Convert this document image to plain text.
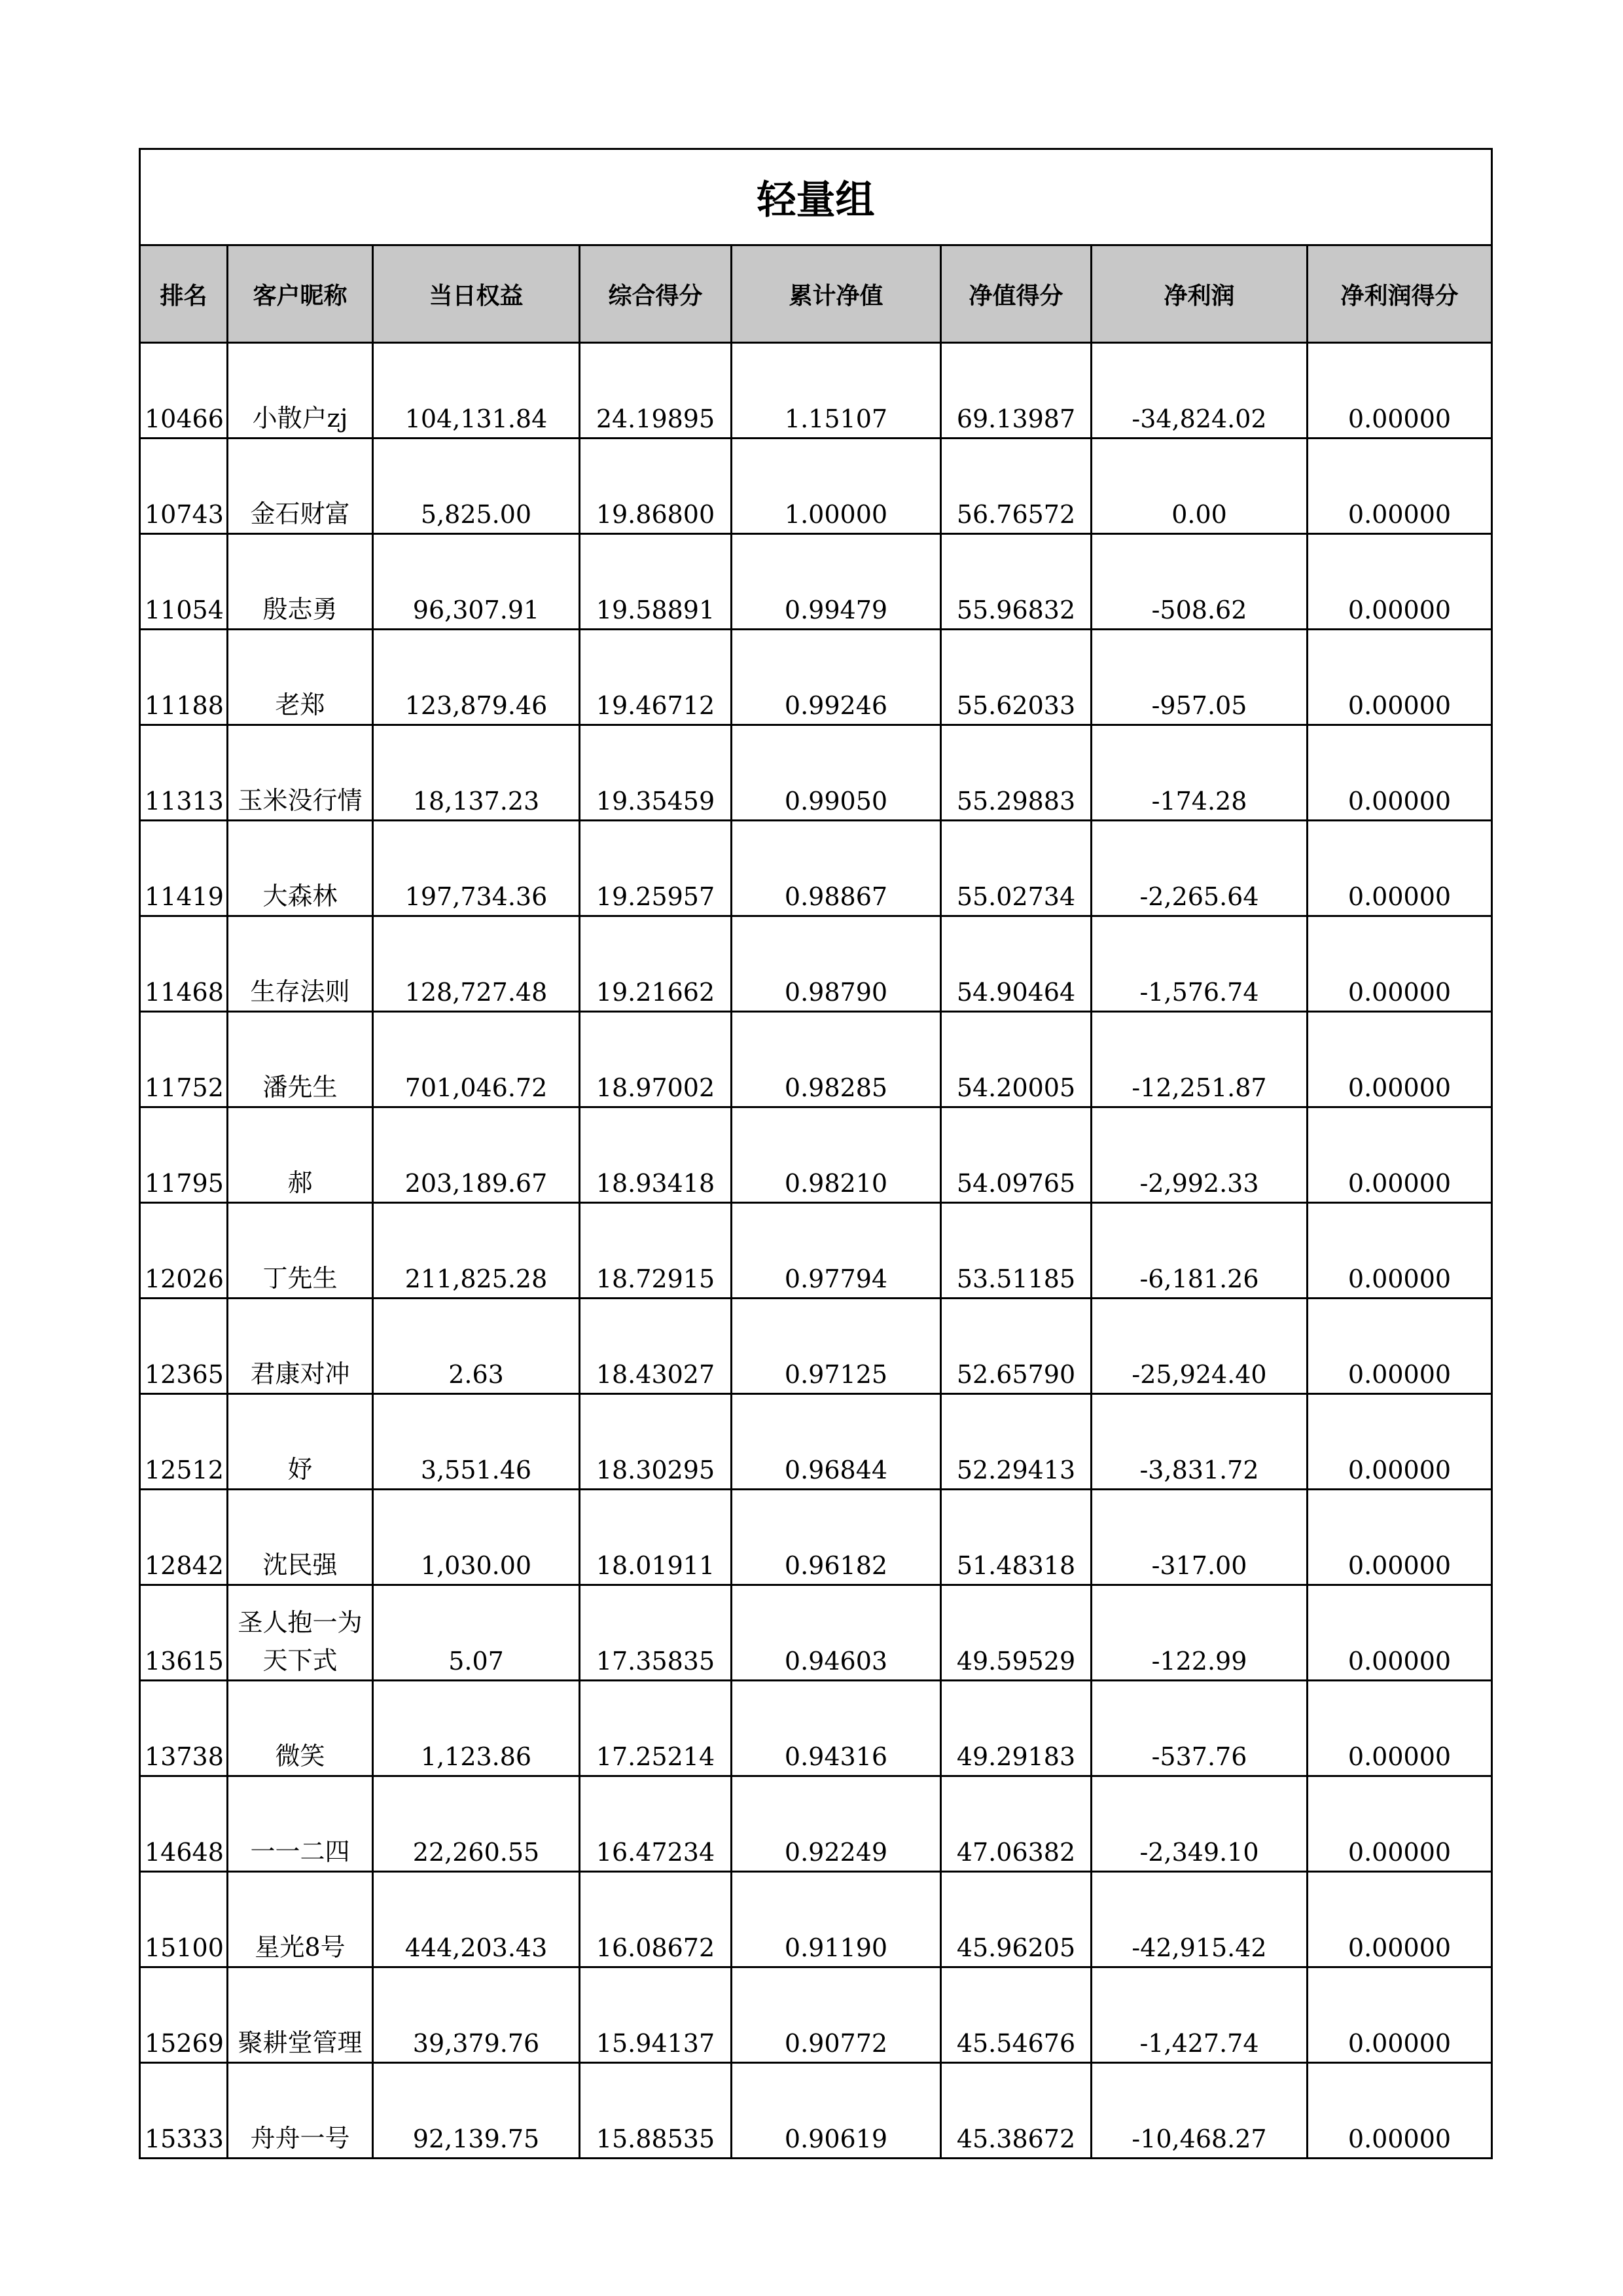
轻量组							
排名	客户昵称	当日权益	综合得分	累计净值	净值得分	净利润	净利润得分
10466	小散户zj	104,131.84	24.19895	1.15107	69.13987	-34,824.02	0.00000
10743	金石财富	5,825.00	19.86800	1.00000	56.76572	0.00	0.00000
11054	殷志勇	96,307.91	19.58891	0.99479	55.96832	-508.62	0.00000
11188	老郑	123,879.46	19.46712	0.99246	55.62033	-957.05	0.00000
11313	玉米没行情	18,137.23	19.35459	0.99050	55.29883	-174.28	0.00000
11419	大森林	197,734.36	19.25957	0.98867	55.02734	-2,265.64	0.00000
11468	生存法则	128,727.48	19.21662	0.98790	54.90464	-1,576.74	0.00000
11752	潘先生	701,046.72	18.97002	0.98285	54.20005	-12,251.87	0.00000
11795	郝	203,189.67	18.93418	0.98210	54.09765	-2,992.33	0.00000
12026	丁先生	211,825.28	18.72915	0.97794	53.51185	-6,181.26	0.00000
12365	君康对冲	2.63	18.43027	0.97125	52.65790	-25,924.40	0.00000
12512	妤	3,551.46	18.30295	0.96844	52.29413	-3,831.72	0.00000
12842	沈民强	1,030.00	18.01911	0.96182	51.48318	-317.00	0.00000
13615	圣人抱一为天下式	5.07	17.35835	0.94603	49.59529	-122.99	0.00000
13738	微笑	1,123.86	17.25214	0.94316	49.29183	-537.76	0.00000
14648	一一二四	22,260.55	16.47234	0.92249	47.06382	-2,349.10	0.00000
15100	星光8号	444,203.43	16.08672	0.91190	45.96205	-42,915.42	0.00000
15269	聚耕堂管理	39,379.76	15.94137	0.90772	45.54676	-1,427.74	0.00000
15333	舟舟一号	92,139.75	15.88535	0.90619	45.38672	-10,468.27	0.00000
